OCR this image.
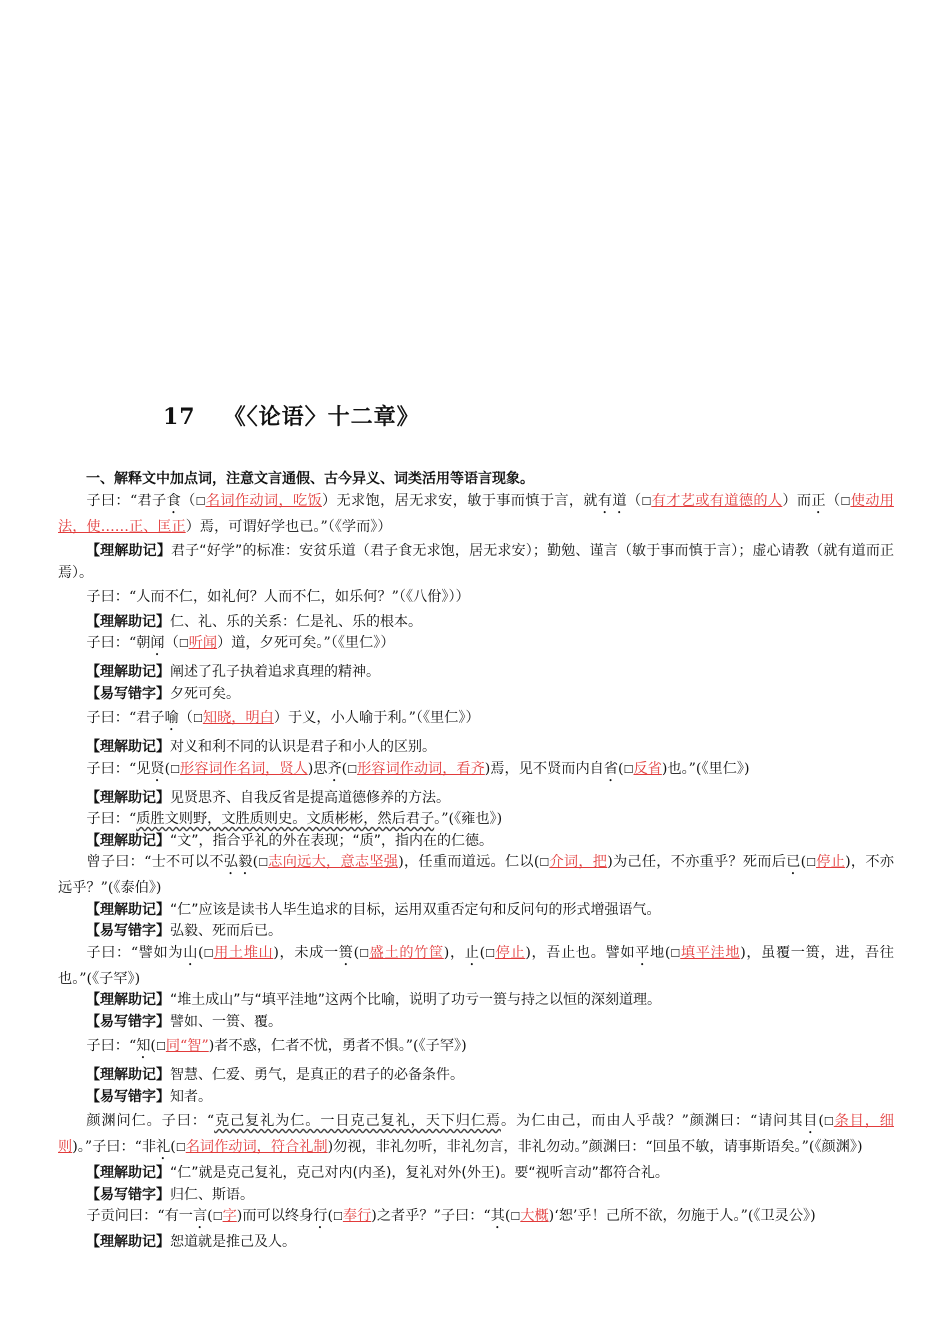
17 《〈论语〉十二章》

一、解释文中加点词，注意文言通假、古今异义、词类活用等语言现象。

子曰：“君子食（☐名词作动词，吃饭）无求饱，居无求安，敏于事而慎于言，就有道（☐有才艺或有道德的人）而正（☐使动用法，使……正、匡正）焉，可谓好学也已。”（《学而》）

【理解助记】君子“好学”的标准：安贫乐道（君子食无求饱，居无求安）；勤勉、谨言（敏于事而慎于言）；虚心请教（就有道而正焉）。

子曰：“人而不仁，如礼何？人而不仁，如乐何？”（《八佾》））

【理解助记】仁、礼、乐的关系：仁是礼、乐的根本。

子曰：“朝闻（☐听闻）道，夕死可矣。”（《里仁》）

【理解助记】阐述了孔子执着追求真理的精神。

【易写错字】夕死可矣。

子曰：“君子喻（☐知晓，明白）于义，小人喻于利。”（《里仁》）

【理解助记】对义和利不同的认识是君子和小人的区别。

子曰：“见贤(☐形容词作名词，贤人)思齐(☐形容词作动词，看齐)焉，见不贤而内自省(☐反省)也。”(《里仁》)

【理解助记】见贤思齐、自我反省是提高道德修养的方法。

子曰：“质胜文则野，文胜质则史。文质彬彬，然后君子。”(《雍也》)

【理解助记】“文”，指合乎礼的外在表现；“质”，指内在的仁德。

曾子曰：“士不可以不弘毅(☐志向远大，意志坚强)，任重而道远。仁以(☐介词，把)为己任，不亦重乎？死而后已(☐停止)，不亦远乎？”(《泰伯》)

【理解助记】“仁”应该是读书人毕生追求的目标，运用双重否定句和反问句的形式增强语气。

【易写错字】弘毅、死而后已。

子曰：“譬如为山(☐用土堆山)，未成一篑(☐盛土的竹筐)，止(☐停止)，吾止也。譬如平地(☐填平洼地)，虽覆一篑，进，吾往也。”(《子罕》)

【理解助记】“堆土成山”与“填平洼地”这两个比喻，说明了功亏一篑与持之以恒的深刻道理。

【易写错字】譬如、一篑、覆。

子曰：“知(☐同“智”)者不惑，仁者不忧，勇者不惧。”(《子罕》)

【理解助记】智慧、仁爱、勇气，是真正的君子的必备条件。

【易写错字】知者。

颜渊问仁。子曰：“克己复礼为仁。一日克己复礼，天下归仁焉。为仁由己，而由人乎哉？”颜渊曰：“请问其目(☐条目，细则)。”子曰：“非礼(☐名词作动词，符合礼制)勿视，非礼勿听，非礼勿言，非礼勿动。”颜渊曰：“回虽不敏，请事斯语矣。”(《颜渊》)

【理解助记】“仁”就是克己复礼，克己对内(内圣)，复礼对外(外王)。要“视听言动”都符合礼。

【易写错字】归仁、斯语。

子贡问曰：“有一言(☐字)而可以终身行(☐奉行)之者乎？”子曰：“其(☐大概)‘恕’乎！己所不欲，勿施于人。”(《卫灵公》)

【理解助记】恕道就是推己及人。
